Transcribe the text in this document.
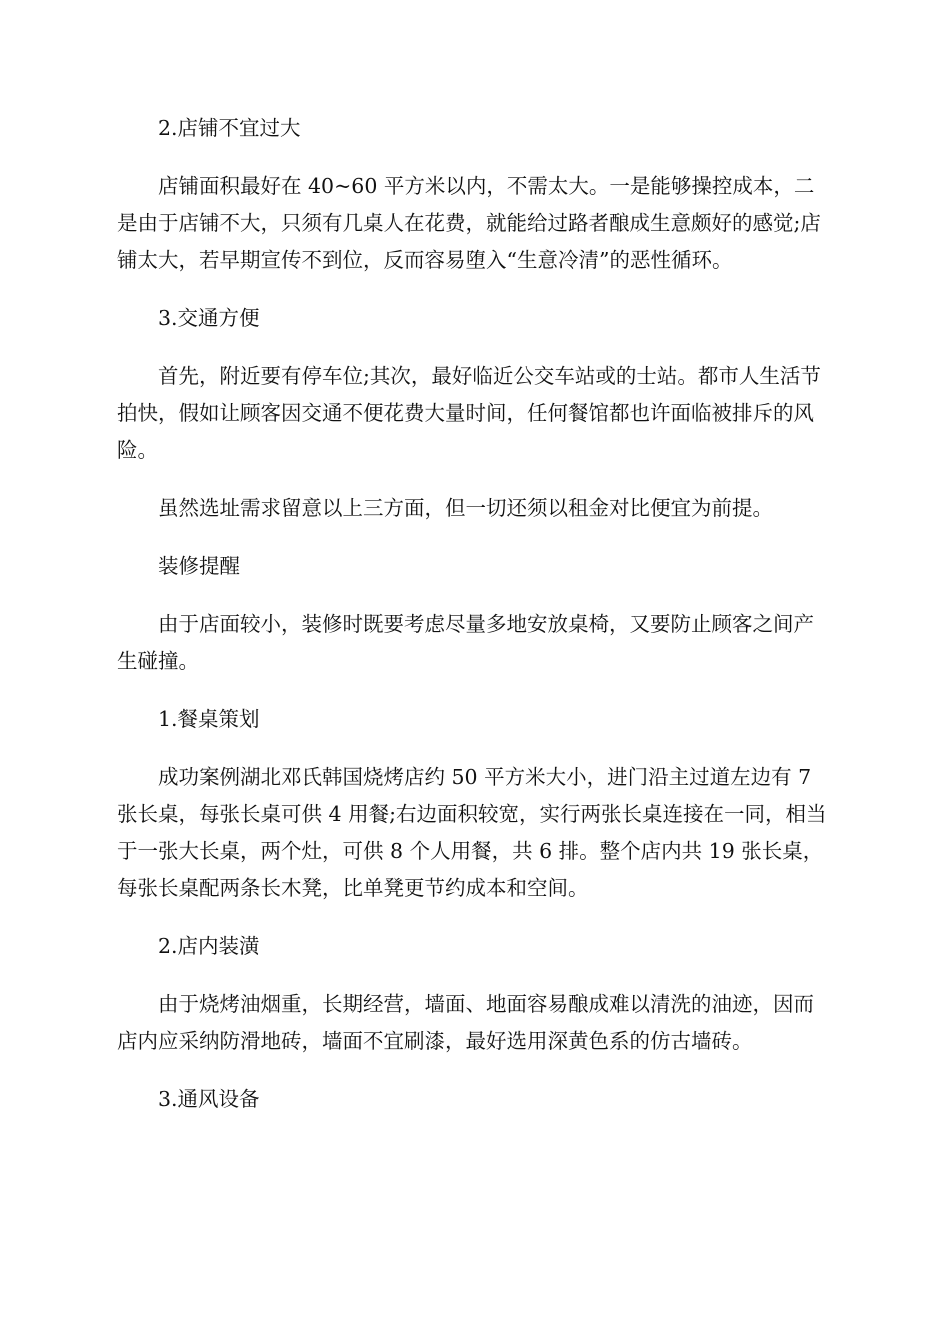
2.店铺不宜过大

店铺面积最好在 40~60 平方米以内，不需太大。一是能够操控成本，二是由于店铺不大，只须有几桌人在花费，就能给过路者酿成生意颇好的感觉;店铺太大，若早期宣传不到位，反而容易堕入“生意冷清”的恶性循环。

3.交通方便

首先，附近要有停车位;其次，最好临近公交车站或的士站。都市人生活节拍快，假如让顾客因交通不便花费大量时间，任何餐馆都也许面临被排斥的风险。

虽然选址需求留意以上三方面，但一切还须以租金对比便宜为前提。

装修提醒

由于店面较小，装修时既要考虑尽量多地安放桌椅，又要防止顾客之间产生碰撞。

1.餐桌策划

成功案例湖北邓氏韩国烧烤店约 50 平方米大小，进门沿主过道左边有 7 张长桌，每张长桌可供 4 用餐;右边面积较宽，实行两张长桌连接在一同，相当于一张大长桌，两个灶，可供 8 个人用餐，共 6 排。整个店内共 19 张长桌，每张长桌配两条长木凳，比单凳更节约成本和空间。

2.店内装潢

由于烧烤油烟重，长期经营，墙面、地面容易酿成难以清洗的油迹，因而店内应采纳防滑地砖，墙面不宜刷漆，最好选用深黄色系的仿古墙砖。

3.通风设备
